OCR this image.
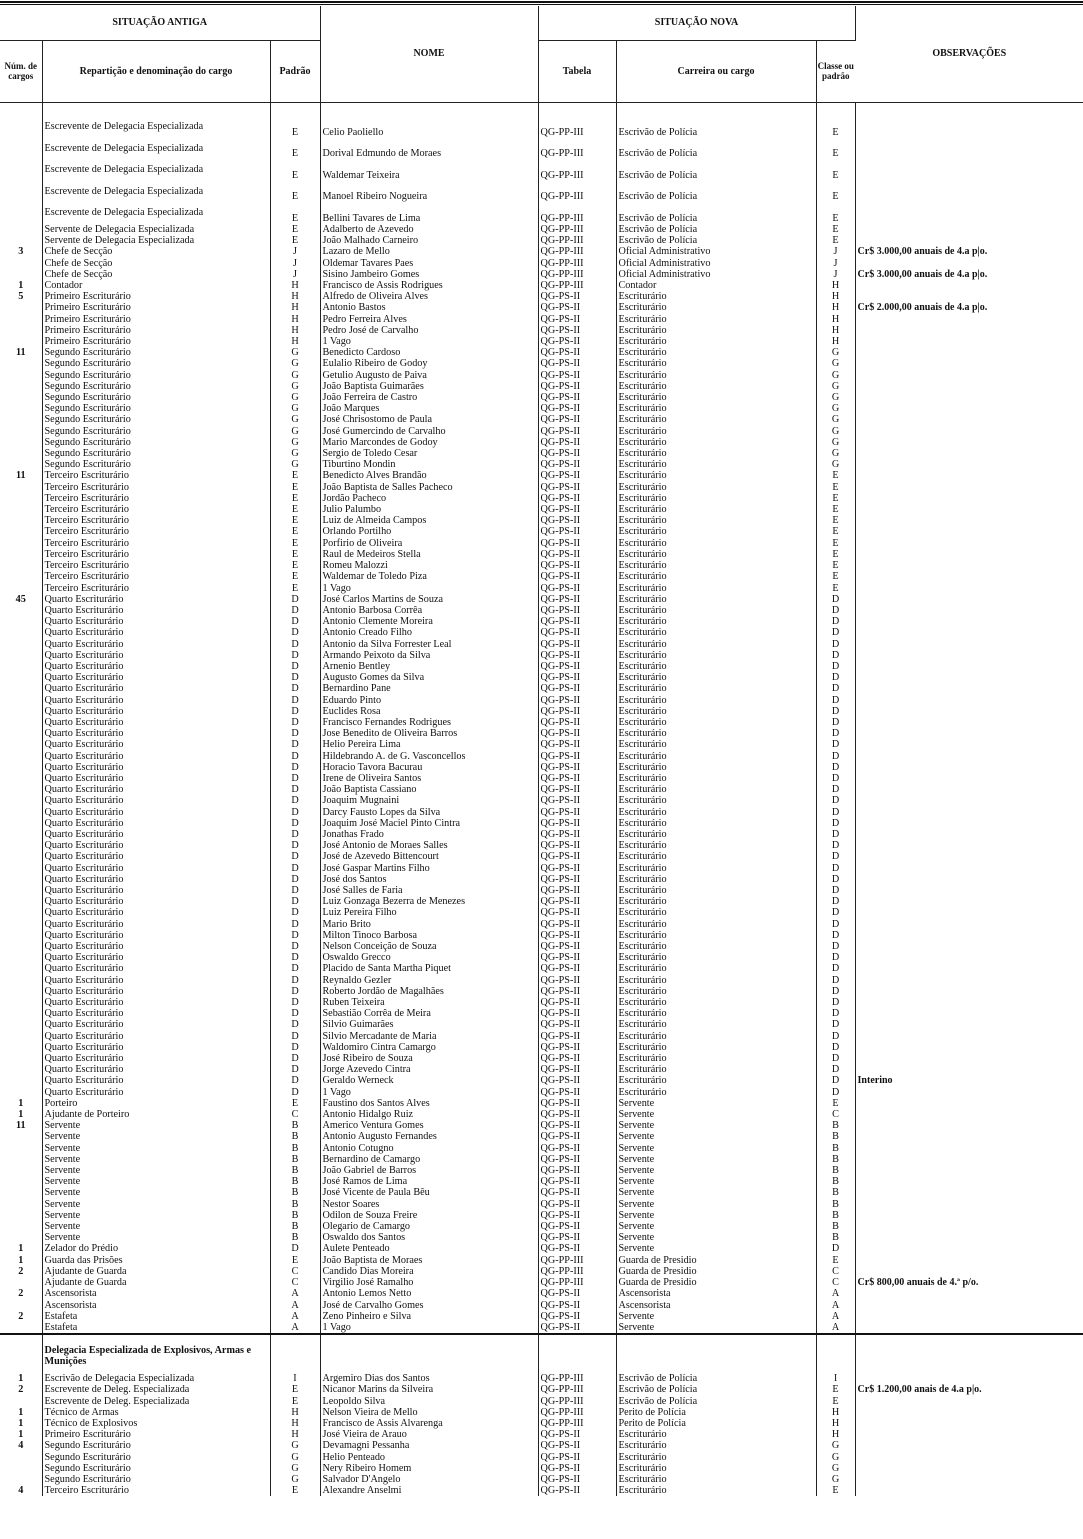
SITUAÇÃO ANTIGA			NOME	SITUAÇÃO NOVA			OBSERVAÇÕES
Núm. de cargos	Repartição e denominação do cargo	Padrão		Tabela	Carreira ou cargo	Classe ou padrão	

	Escrevente de Delegacia Especializada	E	Celio Paoliello	QG-PP-III	Escrivão de Polícia	E	
	Escrevente de Delegacia Especializada	E	Dorival Edmundo de Moraes	QG-PP-III	Escrivão de Polícia	E	
	Escrevente de Delegacia Especializada	E	Waldemar Teixeira	QG-PP-III	Escrivão de Polícia	E	
	Escrevente de Delegacia Especializada	E	Manoel Ribeiro Nogueira	QG-PP-III	Escrivão de Polícia	E	
	Escrevente de Delegacia Especializada	E	Bellini Tavares de Lima	QG-PP-III	Escrivão de Polícia	E	
	Servente de Delegacia Especializada	E	Adalberto de Azevedo	QG-PP-III	Escrivão de Polícia	E	
	Servente de Delegacia Especializada	E	João Malhado Carneiro	QG-PP-III	Escrivão de Polícia	E	
3	Chefe de Secção	J	Lazaro de Mello	QG-PP-III	Oficial Administrativo	J	Cr$ 3.000,00 anuais de 4.a p|o.
	Chefe de Secção	J	Oldemar Tavares Paes	QG-PP-III	Oficial Administrativo	J	
	Chefe de Secção	J	Sisino Jambeiro Gomes	QG-PP-III	Oficial Administrativo	J	Cr$ 3.000,00 anuais de 4.a p|o.
1	Contador	H	Francisco de Assis Rodrigues	QG-PP-III	Contador	H	
5	Primeiro Escriturário	H	Alfredo de Oliveira Alves	QG-PS-II	Escriturário	H	
	Primeiro Escriturário	H	Antonio Bastos	QG-PS-II	Escriturário	H	Cr$ 2.000,00 anuais de 4.a p|o.
	Primeiro Escriturário	H	Pedro Ferreira Alves	QG-PS-II	Escriturário	H	
	Primeiro Escriturário	H	Pedro José de Carvalho	QG-PS-II	Escriturário	H	
	Primeiro Escriturário	H	1 Vago	QG-PS-II	Escriturário	H	
11	Segundo Escriturário	G	Benedicto Cardoso	QG-PS-II	Escriturário	G	
	Segundo Escriturário	G	Eulalio Ribeiro de Godoy	QG-PS-II	Escriturário	G	
	Segundo Escriturário	G	Getulio Augusto de Paiva	QG-PS-II	Escriturário	G	
	Segundo Escriturário	G	João Baptista Guimarães	QG-PS-II	Escriturário	G	
	Segundo Escriturário	G	João Ferreira de Castro	QG-PS-II	Escriturário	G	
	Segundo Escriturário	G	João Marques	QG-PS-II	Escriturário	G	
	Segundo Escriturário	G	José Chrisostomo de Paula	QG-PS-II	Escriturário	G	
	Segundo Escriturário	G	José Gumercindo de Carvalho	QG-PS-II	Escriturário	G	
	Segundo Escriturário	G	Mario Marcondes de Godoy	QG-PS-II	Escriturário	G	
	Segundo Escriturário	G	Sergio de Toledo Cesar	QG-PS-II	Escriturário	G	
	Segundo Escriturário	G	Tiburtino Mondin	QG-PS-II	Escriturário	G	
11	Terceiro Escriturário	E	Benedicto Alves Brandão	QG-PS-II	Escriturário	E	
	Terceiro Escriturário	E	João Baptista de Salles Pacheco	QG-PS-II	Escriturário	E	
	Terceiro Escriturário	E	Jordão Pacheco	QG-PS-II	Escriturário	E	
	Terceiro Escriturário	E	Julio Palumbo	QG-PS-II	Escriturário	E	
	Terceiro Escriturário	E	Luiz de Almeida Campos	QG-PS-II	Escriturário	E	
	Terceiro Escriturário	E	Orlando Portilho	QG-PS-II	Escriturário	E	
	Terceiro Escriturário	E	Porfirio de Oliveira	QG-PS-II	Escriturário	E	
	Terceiro Escriturário	E	Raul de Medeiros Stella	QG-PS-II	Escriturário	E	
	Terceiro Escriturário	E	Romeu Malozzi	QG-PS-II	Escriturário	E	
	Terceiro Escriturário	E	Waldemar de Toledo Piza	QG-PS-II	Escriturário	E	
	Terceiro Escriturário	E	1 Vago	QG-PS-II	Escriturário	E	
45	Quarto Escriturário	D	José Carlos Martins de Souza	QG-PS-II	Escriturário	D	
	Quarto Escriturário	D	Antonio Barbosa Corrêa	QG-PS-II	Escriturário	D	
	Quarto Escriturário	D	Antonio Clemente Moreira	QG-PS-II	Escriturário	D	
	Quarto Escriturário	D	Antonio Creado Filho	QG-PS-II	Escriturário	D	
	Quarto Escriturário	D	Antonio da Silva Forrester Leal	QG-PS-II	Escriturário	D	
	Quarto Escriturário	D	Armando Peixoto da Silva	QG-PS-II	Escriturário	D	
	Quarto Escriturário	D	Arnenio Bentley	QG-PS-II	Escriturário	D	
	Quarto Escriturário	D	Augusto Gomes da Silva	QG-PS-II	Escriturário	D	
	Quarto Escriturário	D	Bernardino Pane	QG-PS-II	Escriturário	D	
	Quarto Escriturário	D	Eduardo Pinto	QG-PS-II	Escriturário	D	
	Quarto Escriturário	D	Euclides Rosa	QG-PS-II	Escriturário	D	
	Quarto Escriturário	D	Francisco Fernandes Rodrigues	QG-PS-II	Escriturário	D	
	Quarto Escriturário	D	Jose Benedito de Oliveira Barros	QG-PS-II	Escriturário	D	
	Quarto Escriturário	D	Helio Pereira Lima	QG-PS-II	Escriturário	D	
	Quarto Escriturário	D	Hildebrando A. de G. Vasconcellos	QG-PS-II	Escriturário	D	
	Quarto Escriturário	D	Horacio Tavora Bacurau	QG-PS-II	Escriturário	D	
	Quarto Escriturário	D	Irene de Oliveira Santos	QG-PS-II	Escriturário	D	
	Quarto Escriturário	D	João Baptista Cassiano	QG-PS-II	Escriturário	D	
	Quarto Escriturário	D	Joaquim Mugnaini	QG-PS-II	Escriturário	D	
	Quarto Escriturário	D	Darcy Fausto Lopes da Silva	QG-PS-II	Escriturário	D	
	Quarto Escriturário	D	Joaquim José Maciel Pinto Cintra	QG-PS-II	Escriturário	D	
	Quarto Escriturário	D	Jonathas Frado	QG-PS-II	Escriturário	D	
	Quarto Escriturário	D	José Antonio de Moraes Salles	QG-PS-II	Escriturário	D	
	Quarto Escriturário	D	José de Azevedo Bittencourt	QG-PS-II	Escriturário	D	
	Quarto Escriturário	D	José Gaspar Martins Filho	QG-PS-II	Escriturário	D	
	Quarto Escriturário	D	José dos Santos	QG-PS-II	Escriturário	D	
	Quarto Escriturário	D	José Salles de Faria	QG-PS-II	Escriturário	D	
	Quarto Escriturário	D	Luiz Gonzaga Bezerra de Menezes	QG-PS-II	Escriturário	D	
	Quarto Escriturário	D	Luiz Pereira Filho	QG-PS-II	Escriturário	D	
	Quarto Escriturário	D	Mario Brito	QG-PS-II	Escriturário	D	
	Quarto Escriturário	D	Milton Tinoco Barbosa	QG-PS-II	Escriturário	D	
	Quarto Escriturário	D	Nelson Conceição de Souza	QG-PS-II	Escriturário	D	
	Quarto Escriturário	D	Oswaldo Grecco	QG-PS-II	Escriturário	D	
	Quarto Escriturário	D	Placido de Santa Martha Piquet	QG-PS-II	Escriturário	D	
	Quarto Escriturário	D	Reynaldo Gezler	QG-PS-II	Escriturário	D	
	Quarto Escriturário	D	Roberto Jordão de Magalhães	QG-PS-II	Escriturário	D	
	Quarto Escriturário	D	Ruben Teixeira	QG-PS-II	Escriturário	D	
	Quarto Escriturário	D	Sebastião Corrêa de Meira	QG-PS-II	Escriturário	D	
	Quarto Escriturário	D	Silvio Guimarães	QG-PS-II	Escriturário	D	
	Quarto Escriturário	D	Silvio Mercadante de Maria	QG-PS-II	Escriturário	D	
	Quarto Escriturário	D	Waldomiro Cintra Camargo	QG-PS-II	Escriturário	D	
	Quarto Escriturário	D	José Ribeiro de Souza	QG-PS-II	Escriturário	D	
	Quarto Escriturário	D	Jorge Azevedo Cintra	QG-PS-II	Escriturário	D	
	Quarto Escriturário	D	Geraldo Werneck	QG-PS-II	Escriturário	D	Interino
	Quarto Escriturário	D	1 Vago	QG-PS-II	Escriturário	D	
1	Porteiro	E	Faustino dos Santos Alves	QG-PS-II	Servente	E	
1	Ajudante de Porteiro	C	Antonio Hidalgo Ruiz	QG-PS-II	Servente	C	
11	Servente	B	Americo Ventura Gomes	QG-PS-II	Servente	B	
	Servente	B	Antonio Augusto Fernandes	QG-PS-II	Servente	B	
	Servente	B	Antonio Cotugno	QG-PS-II	Servente	B	
	Servente	B	Bernardino de Camargo	QG-PS-II	Servente	B	
	Servente	B	João Gabriel de Barros	QG-PS-II	Servente	B	
	Servente	B	José Ramos de Lima	QG-PS-II	Servente	B	
	Servente	B	José Vicente de Paula Bêu	QG-PS-II	Servente	B	
	Servente	B	Nestor Soares	QG-PS-II	Servente	B	
	Servente	B	Odilon de Souza Freire	QG-PS-II	Servente	B	
	Servente	B	Olegario de Camargo	QG-PS-II	Servente	B	
	Servente	B	Oswaldo dos Santos	QG-PS-II	Servente	B	
1	Zelador do Prédio	D	Aulete Penteado	QG-PS-II	Servente	D	
1	Guarda das Prisões	E	João Baptista de Moraes	QG-PP-III	Guarda de Presidio	E	
2	Ajudante de Guarda	C	Candido Dias Moreira	QG-PP-III	Guarda de Presidio	C	
	Ajudante de Guarda	C	Virgilio José Ramalho	QG-PP-III	Guarda de Presidio	C	Cr$ 800,00 anuais de 4.ª p/o.
2	Ascensorista	A	Antonio Lemos Netto	QG-PS-II	Ascensorista	A	
	Ascensorista	A	José de Carvalho Gomes	QG-PS-II	Ascensorista	A	
2	Estafeta	A	Zeno Pinheiro e Silva	QG-PS-II	Servente	A	
	Estafeta	A	1 Vago	QG-PS-II	Servente	A	

	Delegacia Especializada de Explosivos, Armas e Munições						
1	Escrivão de Delegacia Especializada	I	Argemiro Dias dos Santos	QG-PP-III	Escrivão de Polícia	I	
2	Escrevente de Deleg. Especializada	E	Nicanor Marins da Silveira	QG-PP-III	Escrivão de Polícia	E	Cr$ 1.200,00 anais de 4.a p|o.
	Escrevente de Deleg. Especializada	E	Leopoldo Silva	QG-PP-III	Escrivão de Polícia	E	
1	Técnico de Armas	H	Nelson Vieira de Mello	QG-PP-III	Perito de Polícia	H	
1	Técnico de Explosivos	H	Francisco de Assis Alvarenga	QG-PP-III	Perito de Polícia	H	
1	Primeiro Escriturário	H	José Vieira de Arauo	QG-PS-II	Escriturário	H	
4	Segundo Escriturário	G	Devamagni Pessanha	QG-PS-II	Escriturário	G	
	Segundo Escriturário	G	Helio Penteado	QG-PS-II	Escriturário	G	
	Segundo Escriturário	G	Nery Ribeiro Homem	QG-PS-II	Escriturário	G	
	Segundo Escriturário	G	Salvador D'Angelo	QG-PS-II	Escriturário	G	
4	Terceiro Escriturário	E	Alexandre Anselmi	QG-PS-II	Escriturário	E	
